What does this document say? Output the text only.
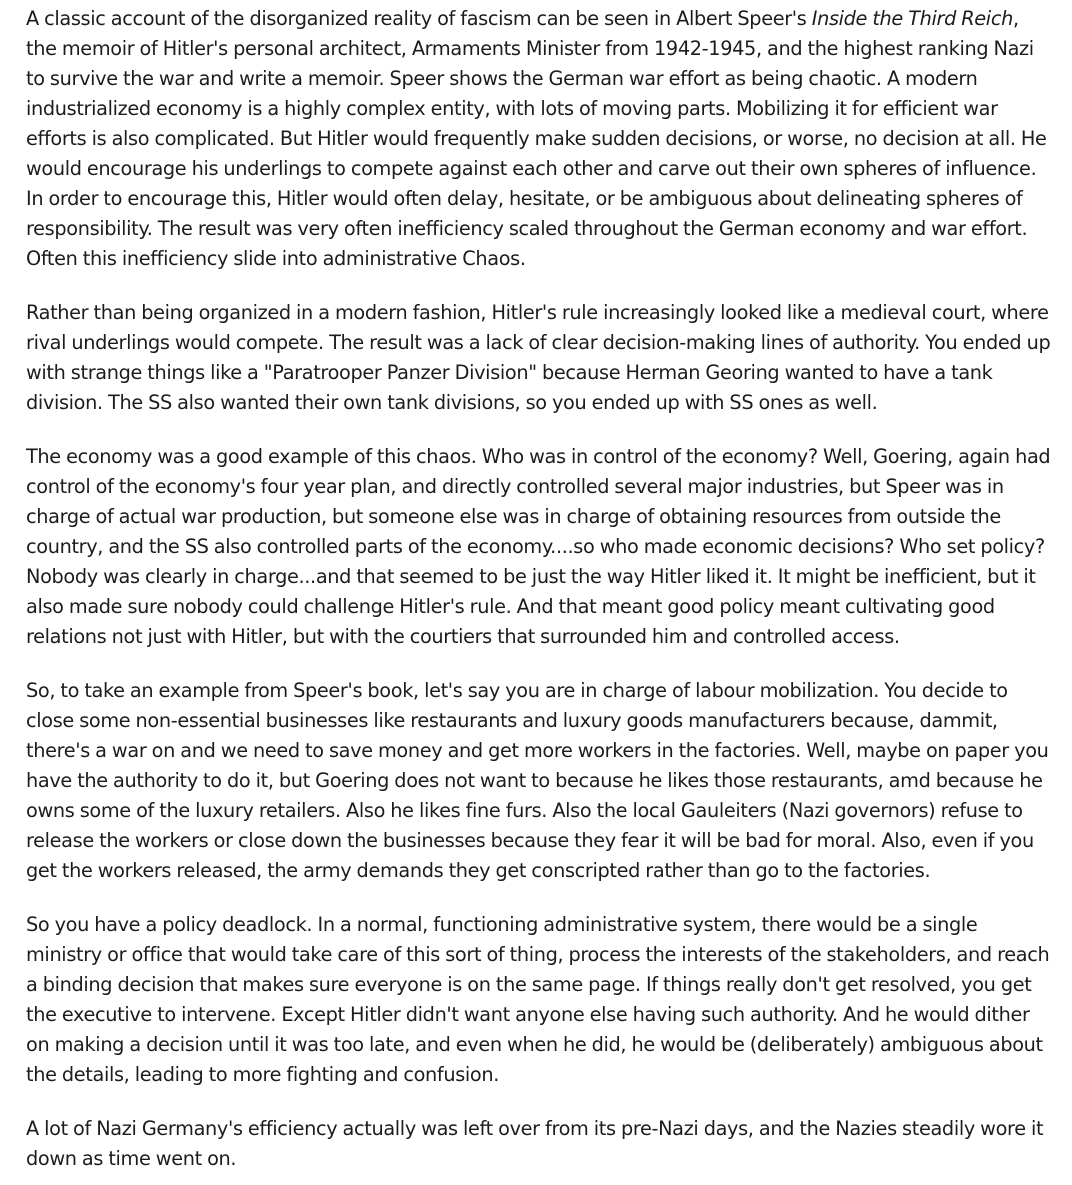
A classic account of the disorganized reality of fascism can be seen in Albert Speer's Inside the Third Reich, the memoir of Hitler's personal architect, Armaments Minister from 1942-1945, and the highest ranking Nazi to survive the war and write a memoir. Speer shows the German war effort as being chaotic. A modern industrialized economy is a highly complex entity, with lots of moving parts. Mobilizing it for efficient war efforts is also complicated. But Hitler would frequently make sudden decisions, or worse, no decision at all. He would encourage his underlings to compete against each other and carve out their own spheres of influence. In order to encourage this, Hitler would often delay, hesitate, or be ambiguous about delineating spheres of responsibility. The result was very often inefficiency scaled throughout the German economy and war effort. Often this inefficiency slide into administrative Chaos.

Rather than being organized in a modern fashion, Hitler's rule increasingly looked like a medieval court, where rival underlings would compete. The result was a lack of clear decision-making lines of authority. You ended up with strange things like a "Paratrooper Panzer Division" because Herman Georing wanted to have a tank division. The SS also wanted their own tank divisions, so you ended up with SS ones as well.

The economy was a good example of this chaos. Who was in control of the economy? Well, Goering, again had control of the economy's four year plan, and directly controlled several major industries, but Speer was in charge of actual war production, but someone else was in charge of obtaining resources from outside the country, and the SS also controlled parts of the economy....so who made economic decisions? Who set policy? Nobody was clearly in charge...and that seemed to be just the way Hitler liked it. It might be inefficient, but it also made sure nobody could challenge Hitler's rule. And that meant good policy meant cultivating good relations not just with Hitler, but with the courtiers that surrounded him and controlled access.

So, to take an example from Speer's book, let's say you are in charge of labour mobilization. You decide to close some non-essential businesses like restaurants and luxury goods manufacturers because, dammit, there's a war on and we need to save money and get more workers in the factories. Well, maybe on paper you have the authority to do it, but Goering does not want to because he likes those restaurants, amd because he owns some of the luxury retailers. Also he likes fine furs. Also the local Gauleiters (Nazi governors) refuse to release the workers or close down the businesses because they fear it will be bad for moral. Also, even if you get the workers released, the army demands they get conscripted rather than go to the factories.

So you have a policy deadlock. In a normal, functioning administrative system, there would be a single ministry or office that would take care of this sort of thing, process the interests of the stakeholders, and reach a binding decision that makes sure everyone is on the same page. If things really don't get resolved, you get the executive to intervene. Except Hitler didn't want anyone else having such authority. And he would dither on making a decision until it was too late, and even when he did, he would be (deliberately) ambiguous about the details, leading to more fighting and confusion.

A lot of Nazi Germany's efficiency actually was left over from its pre-Nazi days, and the Nazies steadily wore it down as time went on.
